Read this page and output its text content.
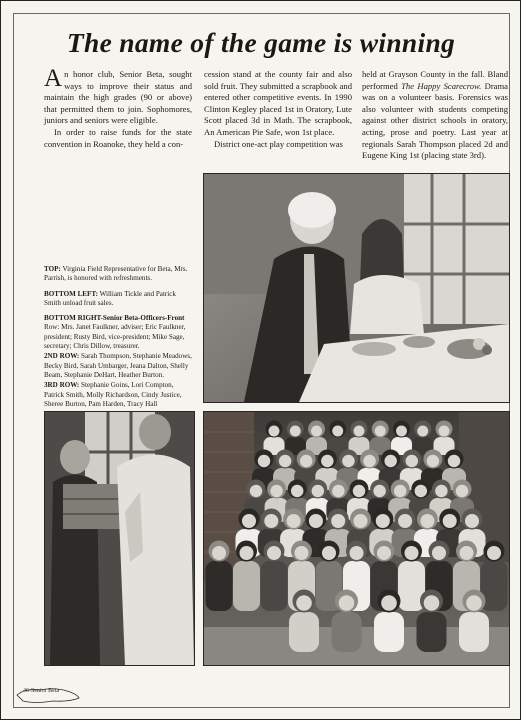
The name of the game is winning

An honor club, Senior Beta, sought ways to improve their status and maintain the high grades (90 or above) that permitted them to join. Sophomores, juniors and seniors were eligible.

In order to raise funds for the state convention in Roanoke, they held a con-

cession stand at the county fair and also sold fruit. They submitted a scrapbook and entered other competitive events. In 1990 Clinton Kegley placed 1st in Oratory, Lute Scott placed 3d in Math. The scrapbook, An American Pie Safe, won 1st place.

District one-act play competition was

held at Grayson County in the fall. Bland performed The Happy Scarecrow. Drama was on a volunteer basis. Forensics was also volunteer with students competing against other district schools in oratory, acting, prose and poetry. Last year at regionals Sarah Thompson placed 2d and Eugene King 1st (placing state 3rd).

TOP: Virginia Field Representative for Beta, Mrs. Parrish, is honored with refreshments.

BOTTOM LEFT: William Tickle and Patrick Smith unload fruit sales.

BOTTOM RIGHT-Senior Beta-Officers-Front Row: Mrs. Janet Faulkner, adviser; Eric Faulkner, president; Rusty Bird, vice-president; Mike Sage, secretary; Chris Dillow, treasurer.

2ND ROW: Sarah Thompson, Stephanie Meadows, Becky Bird, Sarah Umbarger, Jeana Dalton, Shelly Beam, Stephanie DeHart, Heather Burton.

3RD ROW: Stephanie Goins, Lori Compton, Patrick Smith, Molly Richardson, Cindy Justice, Sheree Burton, Pam Harden, Tracy Hall

46-Senior Beta
